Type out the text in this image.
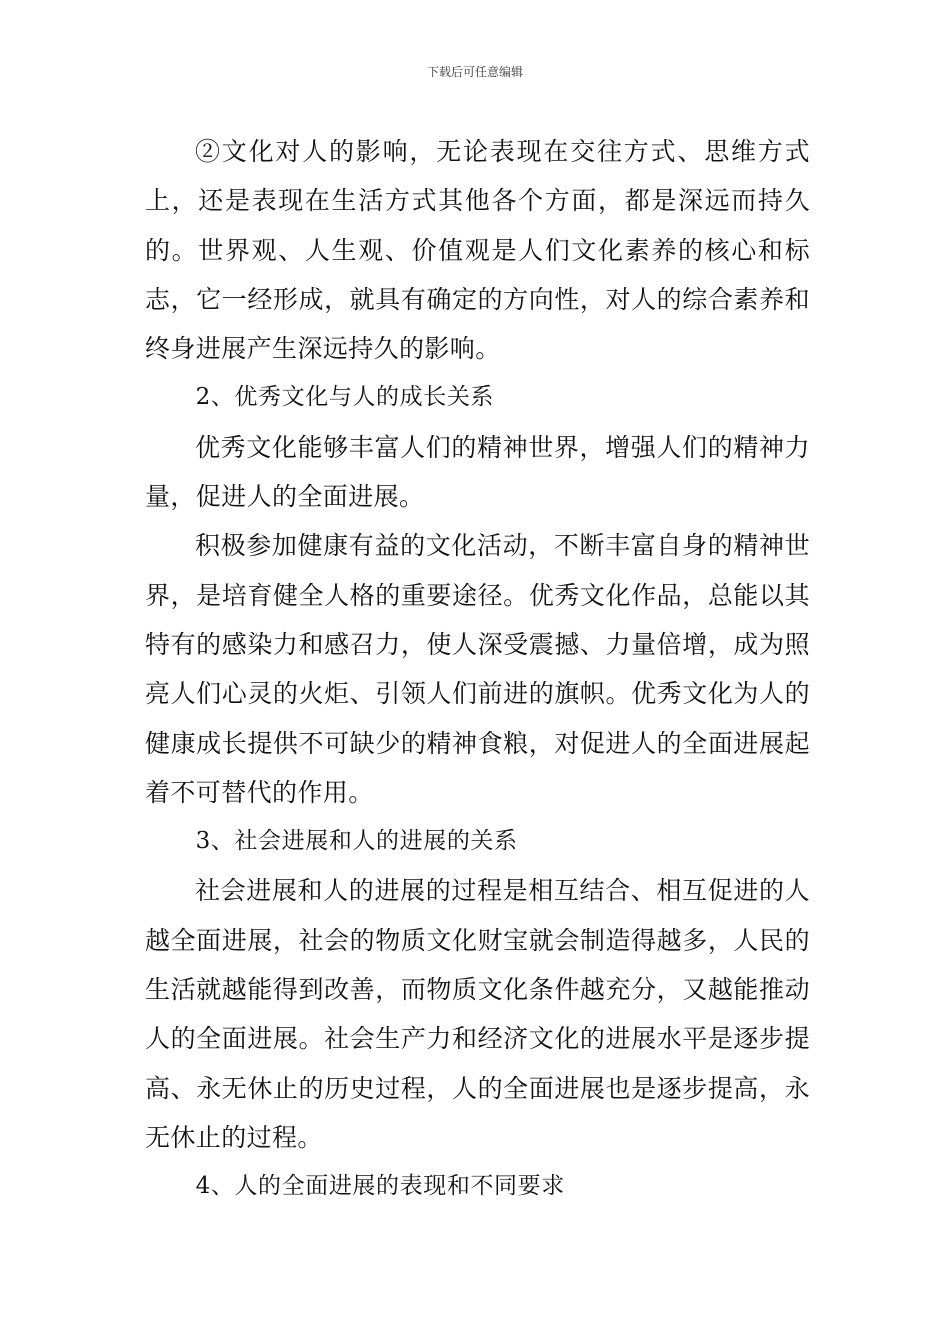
下载后可任意编辑

②文化对人的影响，无论表现在交往方式、思维方式上，还是表现在生活方式其他各个方面，都是深远而持久的。世界观、人生观、价值观是人们文化素养的核心和标志，它一经形成，就具有确定的方向性，对人的综合素养和终身进展产生深远持久的影响。

2、优秀文化与人的成长关系

优秀文化能够丰富人们的精神世界，增强人们的精神力量，促进人的全面进展。

积极参加健康有益的文化活动，不断丰富自身的精神世界，是培育健全人格的重要途径。优秀文化作品，总能以其特有的感染力和感召力，使人深受震撼、力量倍增，成为照亮人们心灵的火炬、引领人们前进的旗帜。优秀文化为人的健康成长提供不可缺少的精神食粮，对促进人的全面进展起着不可替代的作用。

3、社会进展和人的进展的关系

社会进展和人的进展的过程是相互结合、相互促进的人越全面进展，社会的物质文化财宝就会制造得越多，人民的生活就越能得到改善，而物质文化条件越充分，又越能推动人的全面进展。社会生产力和经济文化的进展水平是逐步提高、永无休止的历史过程，人的全面进展也是逐步提高，永无休止的过程。

4、人的全面进展的表现和不同要求
